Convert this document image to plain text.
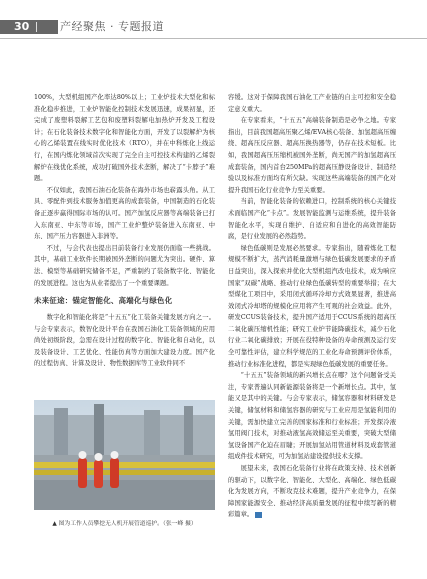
30	产经聚焦 · 专题报道

100%，大型机组国产化率达80%以上；工业炉技术大型化和标准化稳步推进，工业炉智能化控制技术发展迅速，成果初显，还完成了废塑料裂解工艺包和废塑料裂解电加热炉开发及工程设计；在石化装备技术数字化和智能化方面，开发了以裂解炉为核心的乙烯装置在线实时优化技术（RTO），并在中科炼化上线运行，在国内炼化领域首次实现了完全自主可控技术构建的乙烯裂解炉在线优化系统，成功打破国外技术垄断，解决了“卡脖子”难题。

不仅如此，我国石油石化装备在海外市场也崭露头角。从工具、零配件到技术服务加值更高的成套装备，中国制造的石化装备正逐步赢得国际市场的认可。国产加氢反应器等高端装备已打入东南亚、中东等市场，国产工业炉整炉装备进入东南亚、中东、国产压力容器进入非洲等。

不过，与会代表也提出目前装备行业发展仍面临一些挑战。其中，基础工业软件长期被国外垄断的问题尤为突出。硬件、算法、模型等基础研究储备不足，严重制约了装备数字化、智能化的发展进程。这也为从业者提出了一个重要课题。

未来征途：锚定智能化、高端化与绿色化

数字化和智能化将是“十五五”化工装备关键发展方向之一。与会专家表示，数智化设计平台在我国石油化工装备领域的应用尚处初级阶段，急需在设计过程的数字化、智能化和自动化，以及装备设计、工艺优化、性能仿真等方面加大建设力度。国产化的过程仿真、计算及设计、物性数据库等工业软件同不

▲ 图为工作人员攀挖无人机开展管道巡护。（张一峰 摄）

容缓。这对于保障我国石油化工产业链的自主可控和安全稳定意义重大。

在专家看来，“十五五”高端装备制造是必争之地。专家指出，目前我国超高压聚乙烯/EVA核心装备、加氢超高压缠绕、超高压反应器、超高压换热器等，仍存在技术短板。比如，我国超高压压缩机被国外垄断，尚无国产的加氢超高压成套装备，国内首台250MPa的超高压静设备设计、制造经验以及标准方面均有所欠缺。实现这些高端装备的国产化对提升我国石化行业竞争力至关重要。

当前，智能化装备的依赖进口，控制系统的核心关键技术面临国产化“卡点”。发展智能监测与运维系统，提升装备智能化水平，实现自维护、自适应和自进化的高效智能防腐，是行业发展的必然趋势。

绿色低碳则是发展必然要求。专家指出，随着炼化工程规模不断扩大，蒸汽消耗量激增与绿色低碳发展要求的矛盾日益突出，深入探索并优化大型机组汽改电技术，成为响应国家“双碳”战略、推动行业绿色低碳转型的重要举措；在大型煤化工项目中，采用闭式循环冷却方式效果显著，推进高效闭式冷却塔的规模化应用将产生可观的社会效益。此外，研发CCUS装备技术，提升国产适用于CCUS系统的超高压二氧化碳压缩机性能；研究工业炉节能降碳技术，减少石化行业二氧化碳排放；开展在役特种设备的寿命预测及运行安全可靠性评估，建立科学规范的工业化寿命预测评价体系，推动行业标准化进程，都是实现绿色低碳发展的重要任务。

“十五五”装备领域的新兴增长点在哪？这个问题备受关注，专家普遍认同新能源装备将是一个新增长点。其中，氢能又是其中的关键。与会专家表示，储氢容器和材料研发是关键，储氢材料和储氢容器的研究与工业应用是氢能利用的关键，需加快建立完善的国家标准和行业标准；开发探冷液氢用阀门技术，对推动液氢高效储运至关重要，突破大型储氢设备国产化迫在眉睫；开展加氢站用管道材料及成套管道组成件技术研究，可为加氢站建设提供技术支撑。

展望未来，我国石化装备行业将在政策支持、技术创新的驱动下，以数字化、智能化、大型化、高端化、绿色低碳化为发展方向，不断攻克技术难题，提升产业竞争力，在保障国家能源安全、推动经济高质量发展的征程中续写新的精彩篇章。
